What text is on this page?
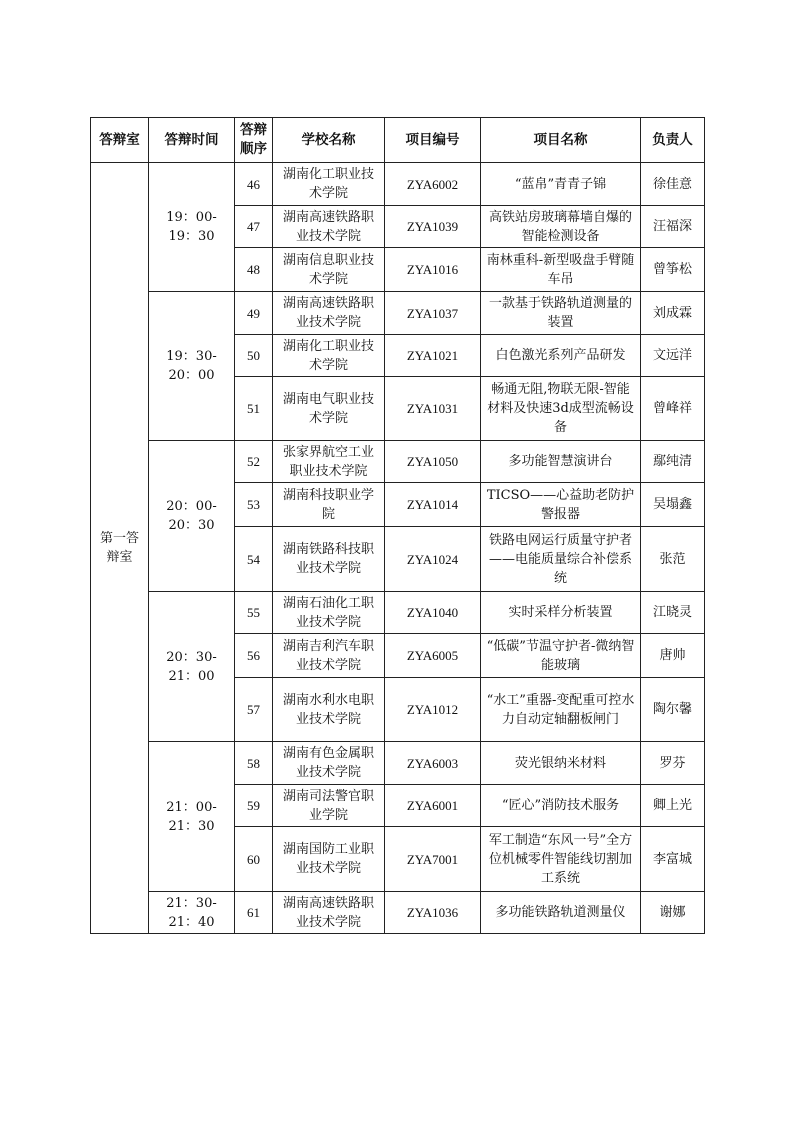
答辩室	答辩时间	答辩顺序	学校名称	项目编号	项目名称	负责人
第一答辩室	19：00-19：30	46	湖南化工职业技术学院	ZYA6002	“蓝帛”青青子锦	徐佳意
		47	湖南高速铁路职业技术学院	ZYA1039	高铁站房玻璃幕墙自爆的智能检测设备	汪福深
		48	湖南信息职业技术学院	ZYA1016	南林重科-新型吸盘手臂随车吊	曾筝松
	19：30-20：00	49	湖南高速铁路职业技术学院	ZYA1037	一款基于铁路轨道测量的装置	刘成霖
		50	湖南化工职业技术学院	ZYA1021	白色激光系列产品研发	文远洋
		51	湖南电气职业技术学院	ZYA1031	畅通无阻,物联无限-智能材料及快速3d成型流畅设备	曾峰祥
	20：00-20：30	52	张家界航空工业职业技术学院	ZYA1050	多功能智慧演讲台	鄢纯清
		53	湖南科技职业学院	ZYA1014	TICSO——心益助老防护警报器	吴塌鑫
		54	湖南铁路科技职业技术学院	ZYA1024	铁路电网运行质量守护者——电能质量综合补偿系统	张范
	20：30-21：00	55	湖南石油化工职业技术学院	ZYA1040	实时采样分析装置	江晓灵
		56	湖南吉利汽车职业技术学院	ZYA6005	“低碳”节温守护者-微纳智能玻璃	唐帅
		57	湖南水利水电职业技术学院	ZYA1012	“水工”重器-变配重可控水力自动定轴翻板闸门	陶尔馨
	21：00-21：30	58	湖南有色金属职业技术学院	ZYA6003	荧光银纳米材料	罗芬
		59	湖南司法警官职业学院	ZYA6001	“匠心”消防技术服务	卿上光
		60	湖南国防工业职业技术学院	ZYA7001	军工制造“东风一号”全方位机械零件智能线切割加工系统	李富城
	21：30-21：40	61	湖南高速铁路职业技术学院	ZYA1036	多功能铁路轨道测量仪	谢娜
